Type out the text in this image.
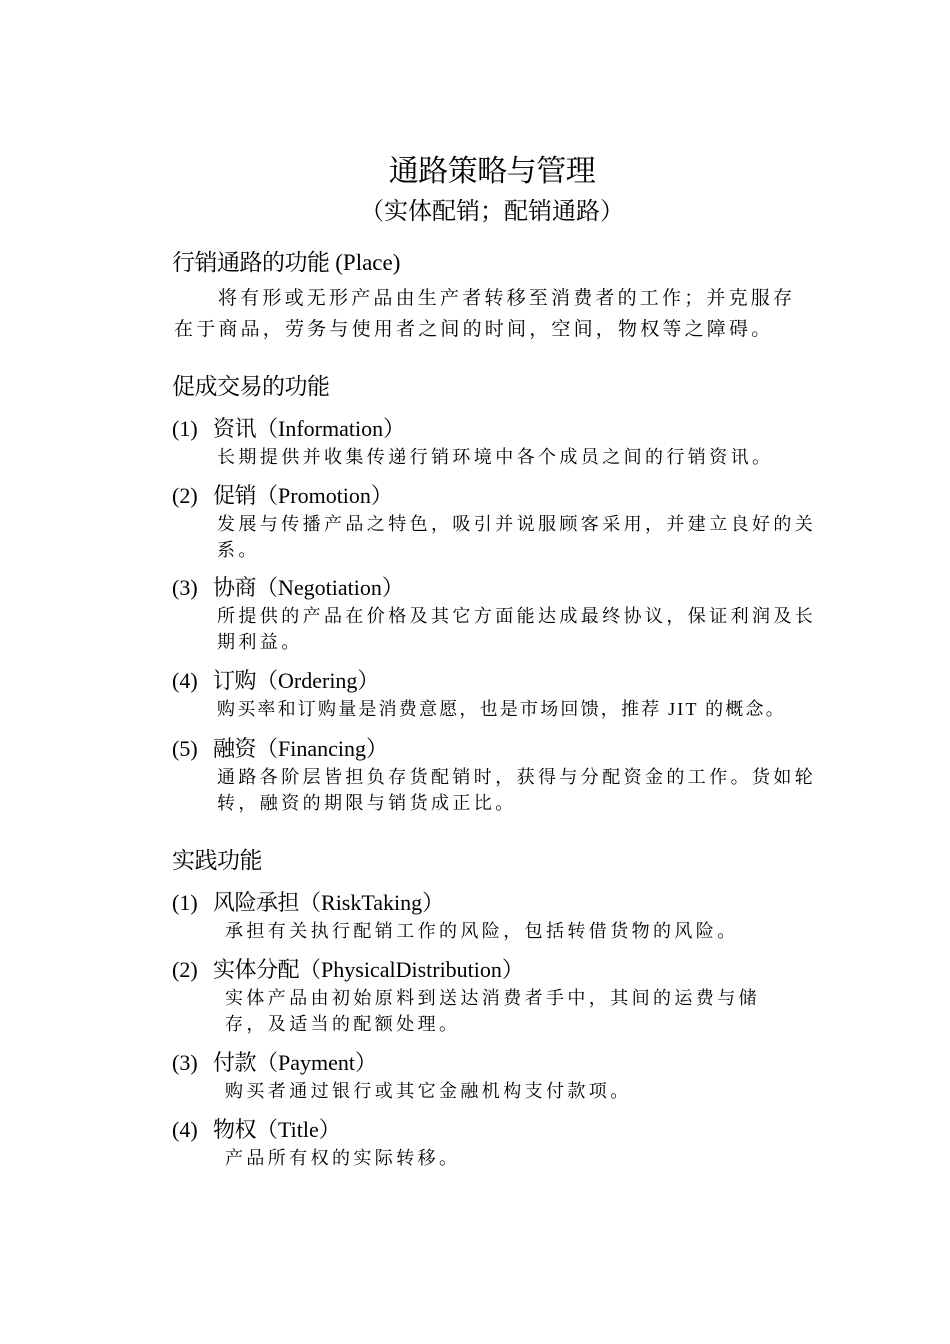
通路策略与管理
（实体配销；配销通路）
行销通路的功能 (Place)
将有形或无形产品由生产者转移至消费者的工作；并克服存在于商品，劳务与使用者之间的时间，空间，物权等之障碍。
促成交易的功能
(1) 资讯（Information）
长期提供并收集传递行销环境中各个成员之间的行销资讯。
(2) 促销（Promotion）
发展与传播产品之特色，吸引并说服顾客采用，并建立良好的关系。
(3) 协商（Negotiation）
所提供的产品在价格及其它方面能达成最终协议，保证利润及长期利益。
(4) 订购（Ordering）
购买率和订购量是消费意愿，也是市场回馈，推荐 JIT 的概念。
(5) 融资（Financing）
通路各阶层皆担负存货配销时，获得与分配资金的工作。货如轮转，融资的期限与销货成正比。
实践功能
(1) 风险承担（RiskTaking）
承担有关执行配销工作的风险，包括转借货物的风险。
(2) 实体分配（PhysicalDistribution）
实体产品由初始原料到送达消费者手中，其间的运费与储存，及适当的配额处理。
(3) 付款（Payment）
购买者通过银行或其它金融机构支付款项。
(4) 物权（Title）
产品所有权的实际转移。
